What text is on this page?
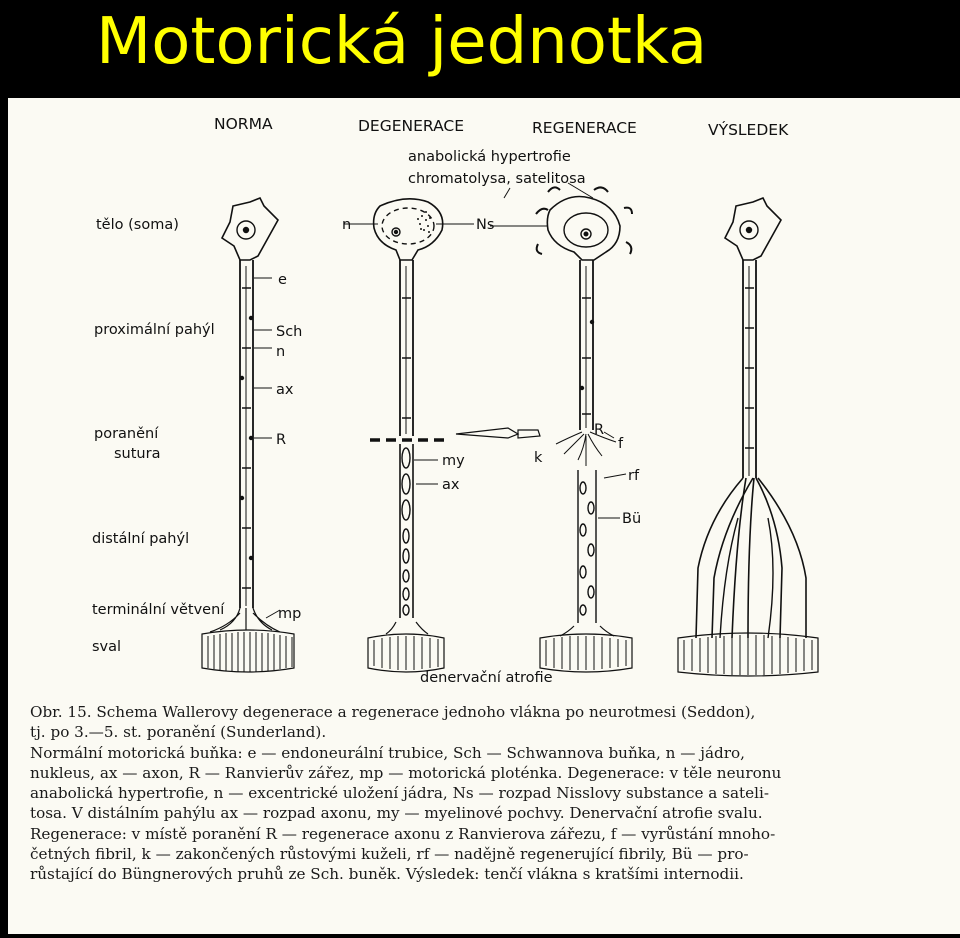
Motorická jednotka
NORMA	DEGENERACE	REGENERACE	VÝSLEDEK
tělo (soma)
proximální pahýl
poranění
sutura
distální pahýl
terminální větvení
sval
anabolická hypertrofie
chromatolysa, satelitosa
e
Sch
n
ax
R
mp
n	Ns
my
ax
R
f
k
rf
Bü
denervační atrofie
Obr. 15. Schema Wallerovy degenerace a regenerace jednoho vlákna po neurotmesi (Seddon),
tj. po 3.—5. st. poranění (Sunderland).
Normální motorická buňka: e — endoneurální trubice, Sch — Schwannova buňka, n — jádro,
nukleus, ax — axon, R — Ranvierův zářez, mp — motorická ploténka. Degenerace: v těle neuronu
anabolická hypertrofie, n — excentrické uložení jádra, Ns — rozpad Nisslovy substance a sateli-
tosa. V distálním pahýlu ax — rozpad axonu, my — myelinové pochvy. Denervační atrofie svalu.
Regenerace: v místě poranění R — regenerace axonu z Ranvierova zářezu, f — vyrůstání mnoho-
četných fibril, k — zakončených růstovými kuželi, rf — nadějně regenerující fibrily, Bü — pro-
růstající do Büngnerových pruhů ze Sch. buněk. Výsledek: tenčí vlákna s kratšími internodii.
